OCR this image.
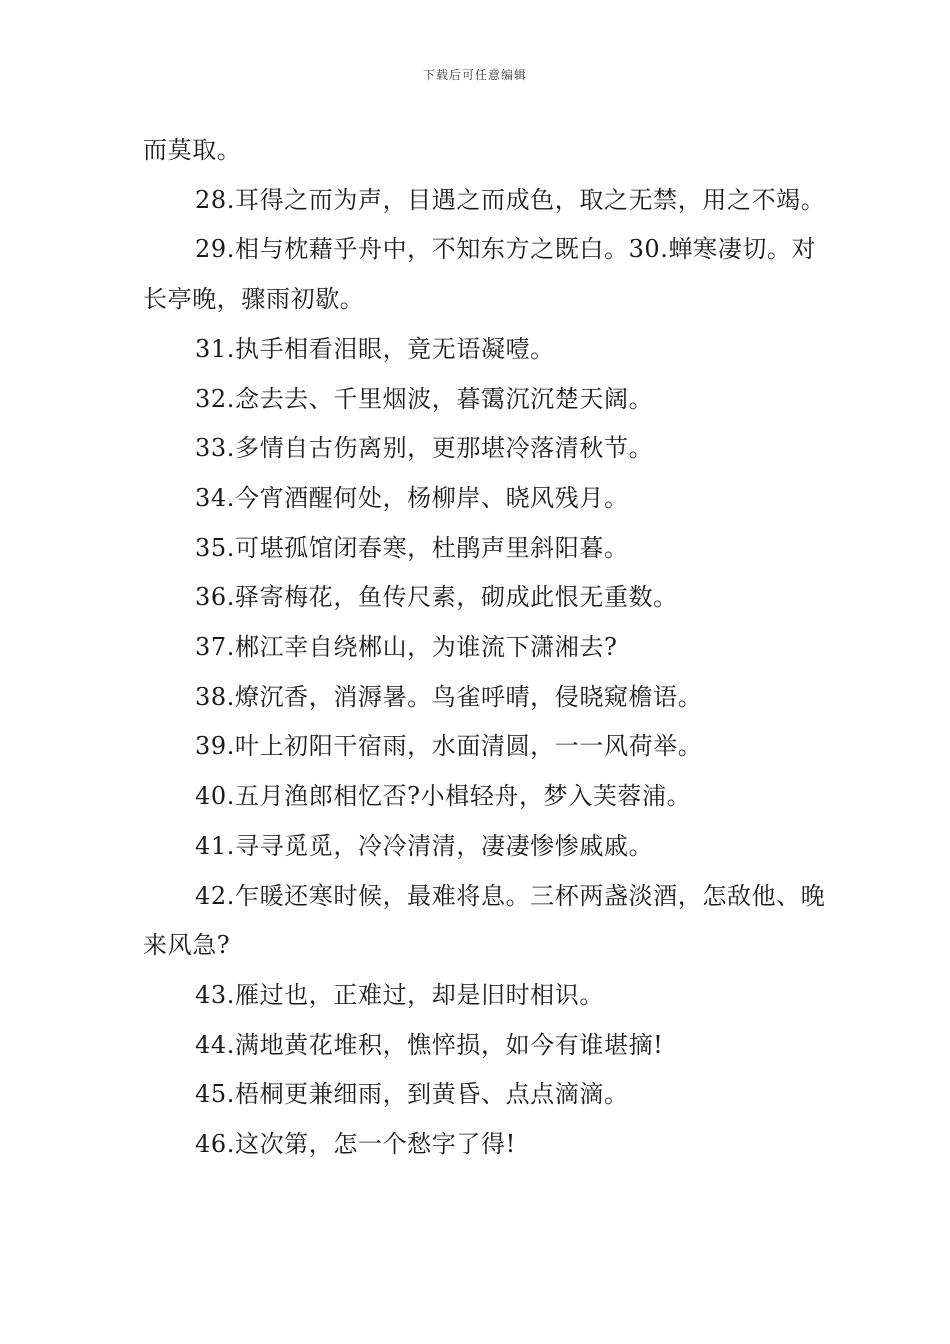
下载后可任意编辑

而莫取。

28.耳得之而为声，目遇之而成色，取之无禁，用之不竭。

29.相与枕藉乎舟中，不知东方之既白。30.蝉寒凄切。对长亭晚，骤雨初歇。

31.执手相看泪眼，竟无语凝噎。

32.念去去、千里烟波，暮霭沉沉楚天阔。

33.多情自古伤离别，更那堪冷落清秋节。

34.今宵酒醒何处，杨柳岸、晓风残月。

35.可堪孤馆闭春寒，杜鹃声里斜阳暮。

36.驿寄梅花，鱼传尺素，砌成此恨无重数。

37.郴江幸自绕郴山，为谁流下潇湘去?

38.燎沉香，消溽暑。鸟雀呼晴，侵晓窥檐语。

39.叶上初阳干宿雨，水面清圆，一一风荷举。

40.五月渔郎相忆否?小楫轻舟，梦入芙蓉浦。

41.寻寻觅觅，冷冷清清，凄凄惨惨戚戚。

42.乍暖还寒时候，最难将息。三杯两盏淡酒，怎敌他、晚来风急?

43.雁过也，正难过，却是旧时相识。

44.满地黄花堆积，憔悴损，如今有谁堪摘!

45.梧桐更兼细雨，到黄昏、点点滴滴。

46.这次第，怎一个愁字了得!
